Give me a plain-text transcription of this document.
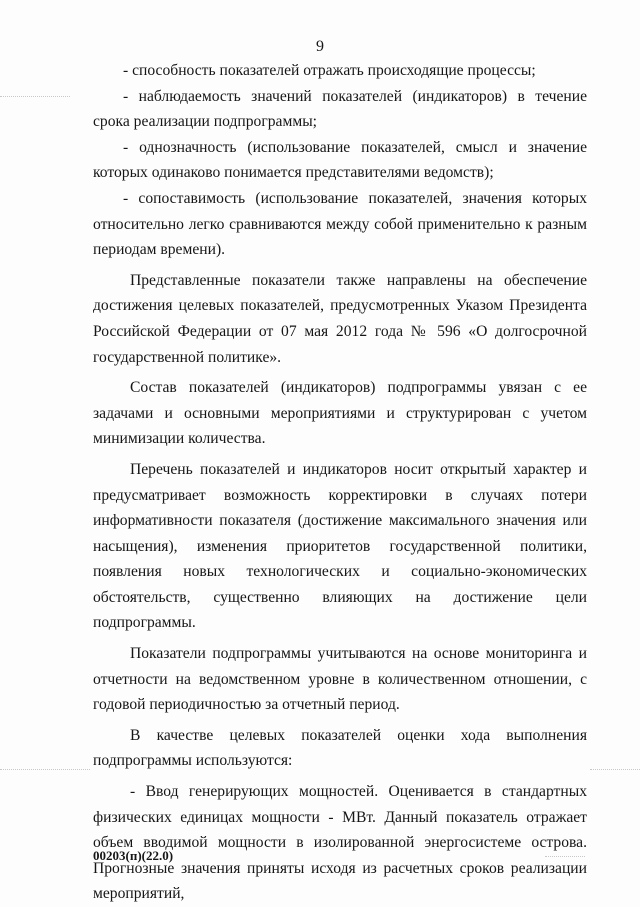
9

- способность показателей отражать происходящие процессы;

- наблюдаемость значений показателей (индикаторов) в течение срока реализации подпрограммы;

- однозначность (использование показателей, смысл и значение которых одинаково понимается представителями ведомств);

- сопоставимость (использование показателей, значения которых относительно легко сравниваются между собой применительно к разным периодам времени).

Представленные показатели также направлены на обеспечение достижения целевых показателей, предусмотренных Указом Президента Российской Федерации от 07 мая 2012 года № 596 «О долгосрочной государственной политике».

Состав показателей (индикаторов) подпрограммы увязан с ее задачами и основными мероприятиями и структурирован с учетом минимизации количества.

Перечень показателей и индикаторов носит открытый характер и предусматривает возможность корректировки в случаях потери информативности показателя (достижение максимального значения или насыщения), изменения приоритетов государственной политики, появления новых технологических и социально-экономических обстоятельств, существенно влияющих на достижение цели подпрограммы.

Показатели подпрограммы учитываются на основе мониторинга и отчетности на ведомственном уровне в количественном отношении, с годовой периодичностью за отчетный период.

В качестве целевых показателей оценки хода выполнения подпрограммы используются:

- Ввод генерирующих мощностей. Оценивается в стандартных физических единицах мощности - МВт. Данный показатель отражает объем вводимой мощности в изолированной энергосистеме острова. Прогнозные значения приняты исходя из расчетных сроков реализации мероприятий,

00203(п)(22.0)
